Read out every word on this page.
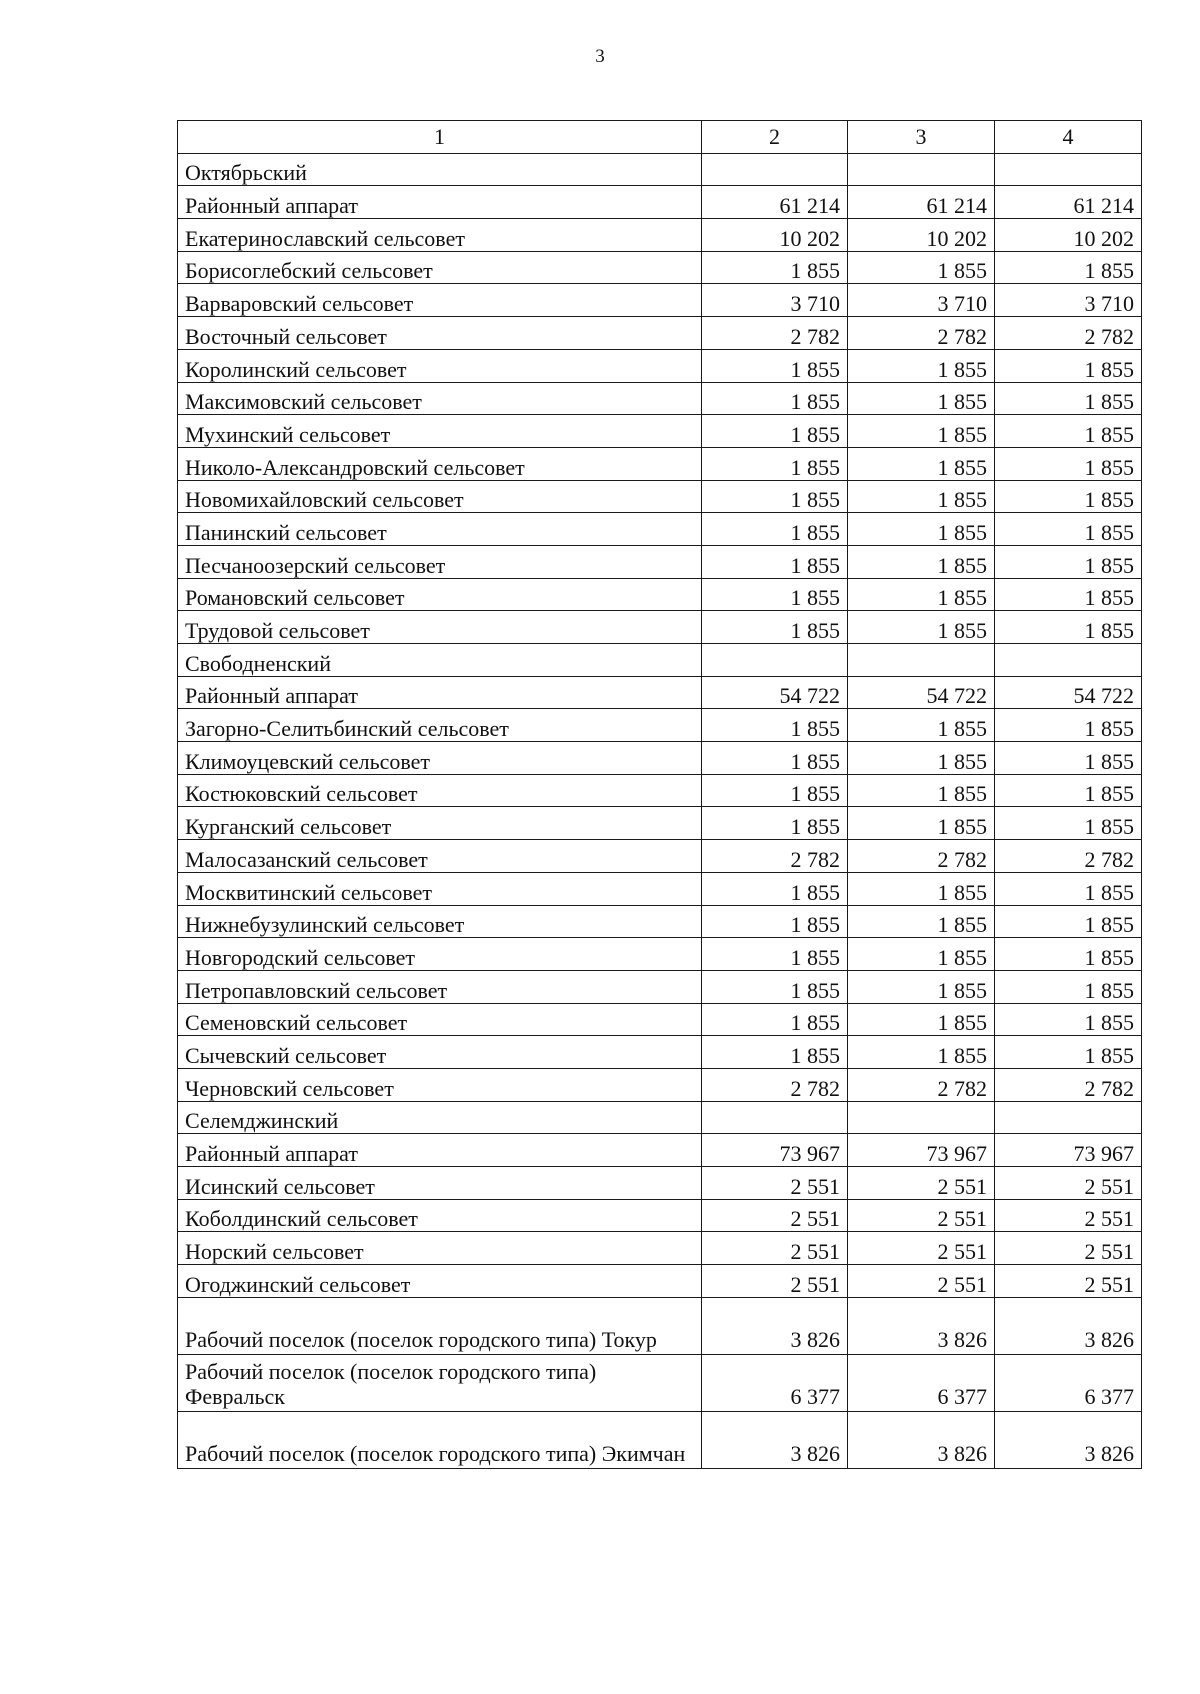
3
1	2	3	4
Октябрьский			
Районный аппарат	61 214	61 214	61 214
Екатеринославский сельсовет	10 202	10 202	10 202
Борисоглебский сельсовет	1 855	1 855	1 855
Варваровский сельсовет	3 710	3 710	3 710
Восточный сельсовет	2 782	2 782	2 782
Королинский сельсовет	1 855	1 855	1 855
Максимовский сельсовет	1 855	1 855	1 855
Мухинский сельсовет	1 855	1 855	1 855
Николо-Александровский сельсовет	1 855	1 855	1 855
Новомихайловский сельсовет	1 855	1 855	1 855
Панинский сельсовет	1 855	1 855	1 855
Песчаноозерский сельсовет	1 855	1 855	1 855
Романовский сельсовет	1 855	1 855	1 855
Трудовой сельсовет	1 855	1 855	1 855
Свободненский			
Районный аппарат	54 722	54 722	54 722
Загорно-Селитьбинский сельсовет	1 855	1 855	1 855
Климоуцевский сельсовет	1 855	1 855	1 855
Костюковский сельсовет	1 855	1 855	1 855
Курганский сельсовет	1 855	1 855	1 855
Малосазанский сельсовет	2 782	2 782	2 782
Москвитинский сельсовет	1 855	1 855	1 855
Нижнебузулинский сельсовет	1 855	1 855	1 855
Новгородский сельсовет	1 855	1 855	1 855
Петропавловский сельсовет	1 855	1 855	1 855
Семеновский сельсовет	1 855	1 855	1 855
Сычевский сельсовет	1 855	1 855	1 855
Черновский сельсовет	2 782	2 782	2 782
Селемджинский			
Районный аппарат	73 967	73 967	73 967
Исинский сельсовет	2 551	2 551	2 551
Коболдинский сельсовет	2 551	2 551	2 551
Норский сельсовет	2 551	2 551	2 551
Огоджинский сельсовет	2 551	2 551	2 551
Рабочий поселок (поселок городского типа) Токур	3 826	3 826	3 826
Рабочий поселок (поселок городского типа) Февральск	6 377	6 377	6 377
Рабочий поселок (поселок городского типа) Экимчан	3 826	3 826	3 826
